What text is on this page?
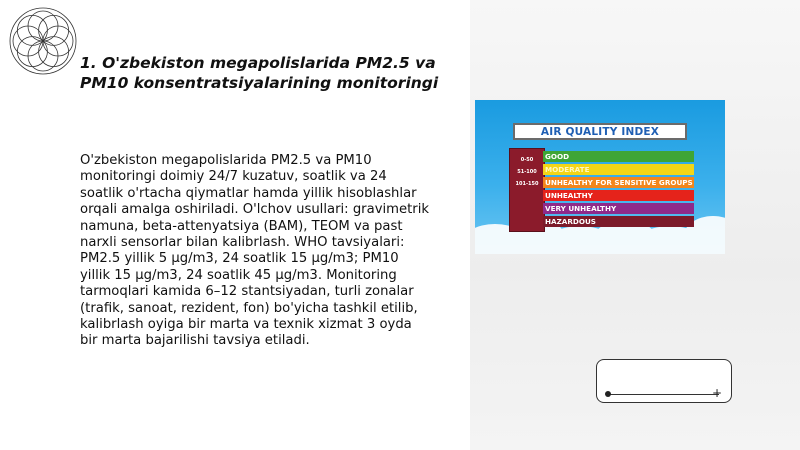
1. O'zbekiston megapolislarida PM2.5 va PM10 konsentratsiyalarining monitoringi

O'zbekiston megapolislarida PM2.5 va PM10 monitoringi doimiy 24/7 kuzatuv, soatlik va 24 soatlik o'rtacha qiymatlar hamda yillik hisoblashlar orqali amalga oshiriladi. O'lchov usullari: gravimetrik namuna, beta-attenyatsiya (BAM), TEOM va past narxli sensorlar bilan kalibrlash. WHO tavsiyalari: PM2.5 yillik 5 µg/m3, 24 soatlik 15 µg/m3; PM10 yillik 15 µg/m3, 24 soatlik 45 µg/m3. Monitoring tarmoqlari kamida 6–12 stantsiyadan, turli zonalar (trafik, sanoat, rezident, fon) bo'yicha tashkil etilib, kalibrlash oyiga bir marta va texnik xizmat 3 oyda bir marta bajarilishi tavsiya etiladi.

AIR QUALITY INDEX
0-50
51-100
101-150
GOOD
MODERATE
UNHEALTHY FOR SENSITIVE GROUPS
UNHEALTHY
VERY UNHEALTHY
HAZARDOUS
+
